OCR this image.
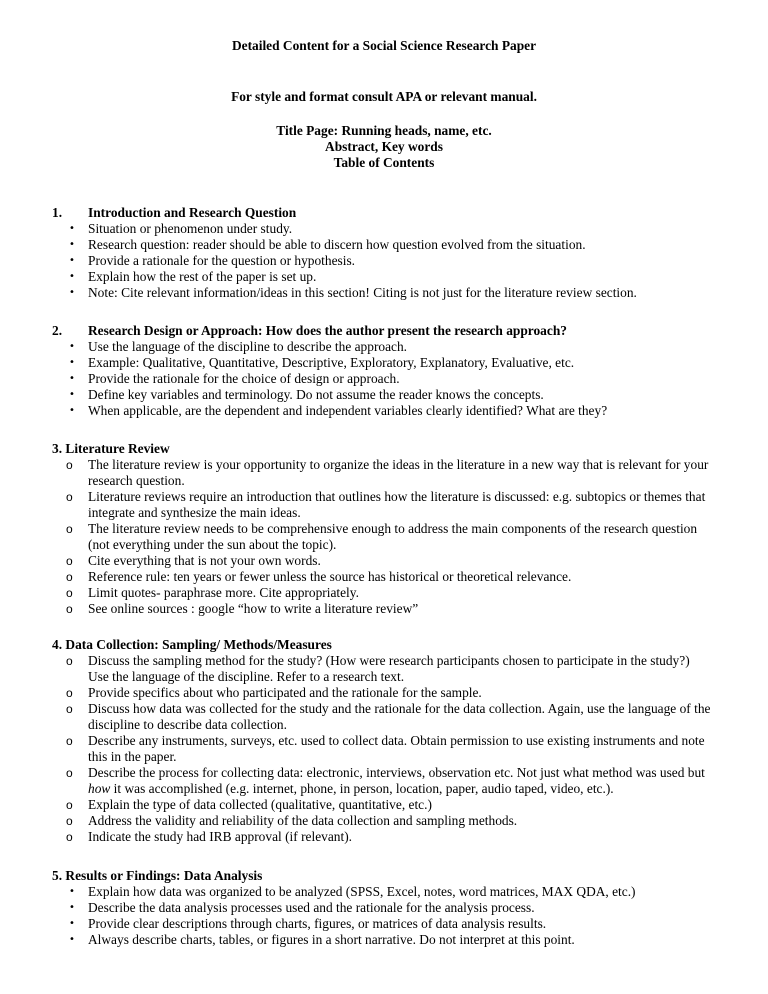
Detailed Content for a Social Science Research Paper
For style and format consult APA or relevant manual.
Title Page: Running heads, name, etc.
Abstract, Key words
Table of Contents
1. Introduction and Research Question
• Situation or phenomenon under study.
• Research question: reader should be able to discern how question evolved from the situation.
• Provide a rationale for the question or hypothesis.
• Explain how the rest of the paper is set up.
• Note: Cite relevant information/ideas in this section! Citing is not just for the literature review section.
2. Research Design or Approach: How does the author present the research approach?
• Use the language of the discipline to describe the approach.
• Example: Qualitative, Quantitative, Descriptive, Exploratory, Explanatory, Evaluative, etc.
• Provide the rationale for the choice of design or approach.
• Define key variables and terminology. Do not assume the reader knows the concepts.
• When applicable, are the dependent and independent variables clearly identified? What are they?
3. Literature Review
o	The literature review is your opportunity to organize the ideas in the literature in a new way that is relevant for your research question.
o	Literature reviews require an introduction that outlines how the literature is discussed: e.g. subtopics or themes that integrate and synthesize the main ideas.
o	The literature review needs to be comprehensive enough to address the main components of the research question (not everything under the sun about the topic).
o	Cite everything that is not your own words.
o	Reference rule: ten years or fewer unless the source has historical or theoretical relevance.
o	Limit quotes- paraphrase more. Cite appropriately.
o	See online sources : google “how to write a literature review”
4. Data Collection: Sampling/ Methods/Measures
o	Discuss the sampling method for the study? (How were research participants chosen to participate in the study?) Use the language of the discipline. Refer to a research text.
o	Provide specifics about who participated and the rationale for the sample.
o	Discuss how data was collected for the study and the rationale for the data collection. Again, use the language of the discipline to describe data collection.
o	Describe any instruments, surveys, etc. used to collect data. Obtain permission to use existing instruments and note this in the paper.
o	Describe the process for collecting data: electronic, interviews, observation etc. Not just what method was used but how it was accomplished (e.g. internet, phone, in person, location, paper, audio taped, video, etc.).
o	Explain the type of data collected (qualitative, quantitative, etc.)
o	Address the validity and reliability of the data collection and sampling methods.
o	Indicate the study had IRB approval (if relevant).
5. Results or Findings: Data Analysis
• Explain how data was organized to be analyzed (SPSS, Excel, notes, word matrices, MAX QDA, etc.)
• Describe the data analysis processes used and the rationale for the analysis process.
• Provide clear descriptions through charts, figures, or matrices of data analysis results.
• Always describe charts, tables, or figures in a short narrative. Do not interpret at this point.
